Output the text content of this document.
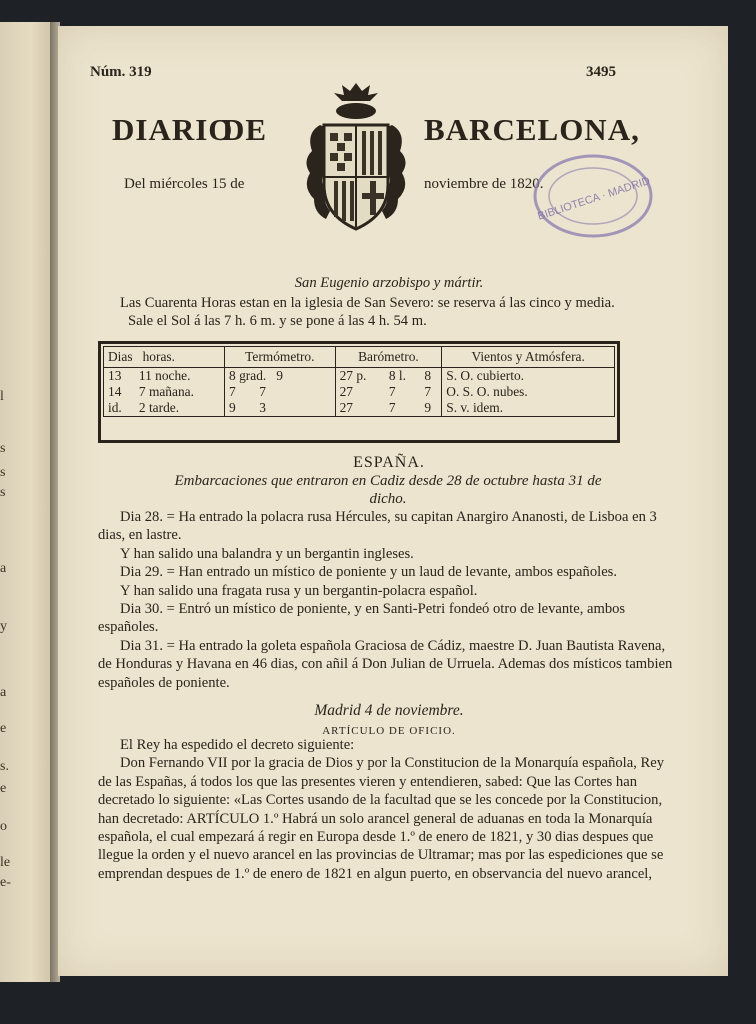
l
s
s
s
a
y
a
e
s.
e
o
le
e-
Núm. 319	3495
DIARIO
DE	BARCELONA,
Del miércoles 15 de	noviembre de 1820.
BIBLIOTECA · MADRID
San Eugenio arzobispo y mártir.

Las Cuarenta Horas estan en la iglesia de San Severo: se reserva á las cinco y media.

Sale el Sol á las 7 h. 6 m. y se pone á las 4 h. 54 m.

Dias horas.		Termómetro.	Barómetro.			Vientos y Atmósfera.
13	11 noche.	8 grad. 9	27 p.	8 l.	8	S. O. cubierto.
14	7 mañana.	7 7	27	7	7	O. S. O. nubes.
id.	2 tarde.	9 3	27	7	9	S. v. idem.
ESPAÑA.
Embarcaciones que entraron en Cadiz desde 28 de octubre hasta 31 de dicho.

Dia 28. = Ha entrado la polacra rusa Hércules, su capitan Anargiro Ananosti, de Lisboa en 3 dias, en lastre.

Y han salido una balandra y un bergantin ingleses.

Dia 29. = Han entrado un místico de poniente y un laud de levante, ambos españoles.

Y han salido una fragata rusa y un bergantin-polacra español.

Dia 30. = Entró un místico de poniente, y en Santi-Petri fondeó otro de levante, ambos españoles.

Dia 31. = Ha entrado la goleta española Graciosa de Cádiz, maestre D. Juan Bautista Ravena, de Honduras y Havana en 46 dias, con añil á Don Julian de Urruela. Ademas dos místicos tambien españoles de poniente.

Madrid 4 de noviembre.
ARTÍCULO DE OFICIO.

El Rey ha espedido el decreto siguiente:

Don Fernando VII por la gracia de Dios y por la Constitucion de la Monarquía española, Rey de las Españas, á todos los que las presentes vieren y entendieren, sabed: Que las Cortes han decretado lo siguiente: «Las Cortes usando de la facultad que se les concede por la Constitucion, han decretado: ARTÍCULO 1.º Habrá un solo arancel general de aduanas en toda la Monarquía española, el cual empezará á regir en Europa desde 1.º de enero de 1821, y 30 dias despues que llegue la orden y el nuevo arancel en las provincias de Ultramar; mas por las espediciones que se emprendan despues de 1.º de enero de 1821 en algun puerto, en observancia del nuevo arancel,
